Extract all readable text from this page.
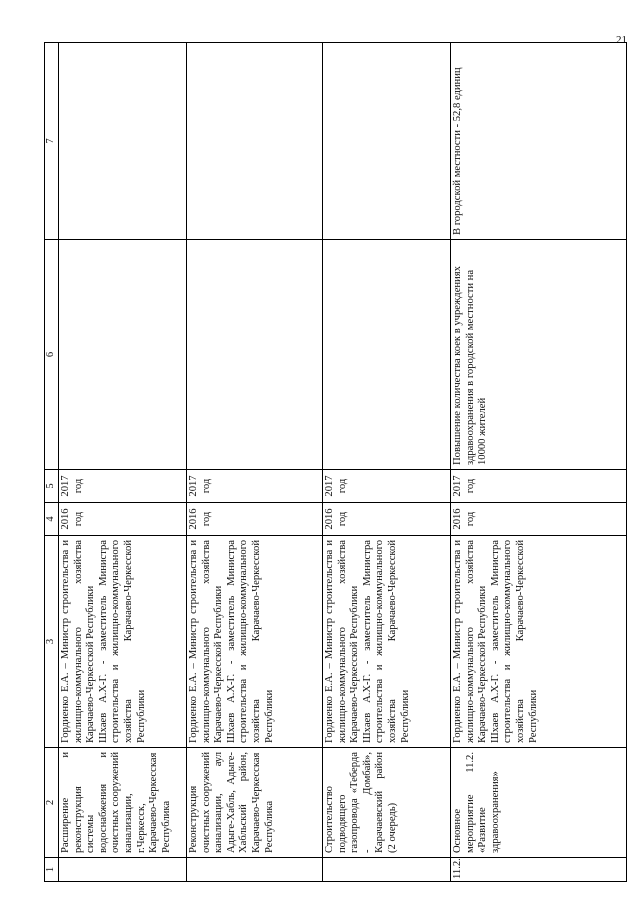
21
1	2	3	4	5	6	7
	Расширение и реконструкция системы водоснабжения и очистных сооружений канализации, г.Черкесск, Карачаево-Черкесская Республика	Гордиенко Е.А. – Министр строительства и жилищно-коммунального хозяйства Карачаево-Черкесской Республики Шхаев А.Х-Г. - заместитель Министра строительства и жилищно-коммунального хозяйства Карачаево-Черкесской Республики	2016 год	2017 год		
	Реконструкция очистных сооружений канализации, аул Адыге-Хабль, Адыге-Хабльский район, Карачаево-Черкесская Республика	Гордиенко Е.А. – Министр строительства и жилищно-коммунального хозяйства Карачаево-Черкесской Республики Шхаев А.Х-Г. - заместитель Министра строительства и жилищно-коммунального хозяйства Карачаево-Черкесской Республики	2016 год	2017 год		
	Строительство подводящего газопровода «Теберда - Домбай», Карачаевский район (2 очередь)	Гордиенко Е.А. – Министр строительства и жилищно-коммунального хозяйства Карачаево-Черкесской Республики Шхаев А.Х-Г. - заместитель Министра строительства и жилищно-коммунального хозяйства Карачаево-Черкесской Республики	2016 год	2017 год		
11.2.	Основное мероприятие 11.2. «Развитие здравоохранения»	Гордиенко Е.А. – Министр строительства и жилищно-коммунального хозяйства Карачаево-Черкесской Республики Шхаев А.Х-Г. - заместитель Министра строительства и жилищно-коммунального хозяйства Карачаево-Черкесской Республики	2016 год	2017 год	Повышение количества коек в учреждениях здравоохранения в городской местности на 10000 жителей	В городской местности - 52,8 единиц
